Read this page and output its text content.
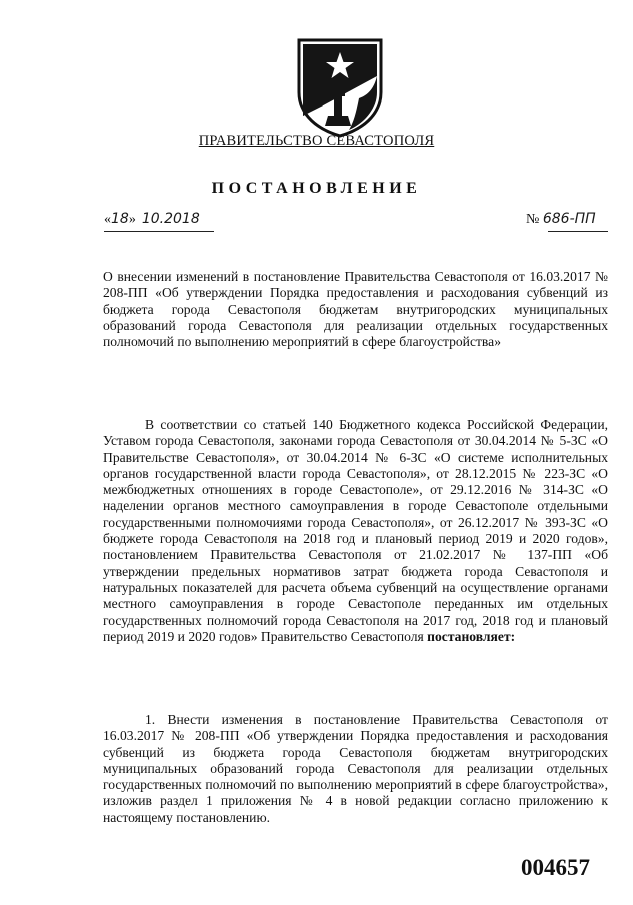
ПРАВИТЕЛЬСТВО СЕВАСТОПОЛЯ
ПОСТАНОВЛЕНИЕ
«18» 10.2018	№ 686-ПП

О внесении изменений в постановление Правительства Севастополя от 16.03.2017 № 208-ПП «Об утверждении Порядка предоставления и расходования субвенций из бюджета города Севастополя бюджетам внутригородских муниципальных образований города Севастополя для реализации отдельных государственных полномочий по выполнению мероприятий в сфере благоустройства»

В соответствии со статьей 140 Бюджетного кодекса Российской Федерации, Уставом города Севастополя, законами города Севастополя от 30.04.2014 № 5-ЗС «О Правительстве Севастополя», от 30.04.2014 № 6-ЗС «О системе исполнительных органов государственной власти города Севастополя», от 28.12.2015 № 223-ЗС «О межбюджетных отношениях в городе Севастополе», от 29.12.2016 № 314-ЗС «О наделении органов местного самоуправления в городе Севастополе отдельными государственными полномочиями города Севастополя», от 26.12.2017 № 393-ЗС «О бюджете города Севастополя на 2018 год и плановый период 2019 и 2020 годов», постановлением Правительства Севастополя от 21.02.2017 № 137-ПП «Об утверждении предельных нормативов затрат бюджета города Севастополя и натуральных показателей для расчета объема субвенций на осуществление органами местного самоуправления в городе Севастополе переданных им отдельных государственных полномочий города Севастополя на 2017 год, 2018 год и плановый период 2019 и 2020 годов» Правительство Севастополя постановляет:

1. Внести изменения в постановление Правительства Севастополя от 16.03.2017 № 208-ПП «Об утверждении Порядка предоставления и расходования субвенций из бюджета города Севастополя бюджетам внутригородских муниципальных образований города Севастополя для реализации отдельных государственных полномочий по выполнению мероприятий в сфере благоустройства», изложив раздел 1 приложения № 4 в новой редакции согласно приложению к настоящему постановлению.

004657
